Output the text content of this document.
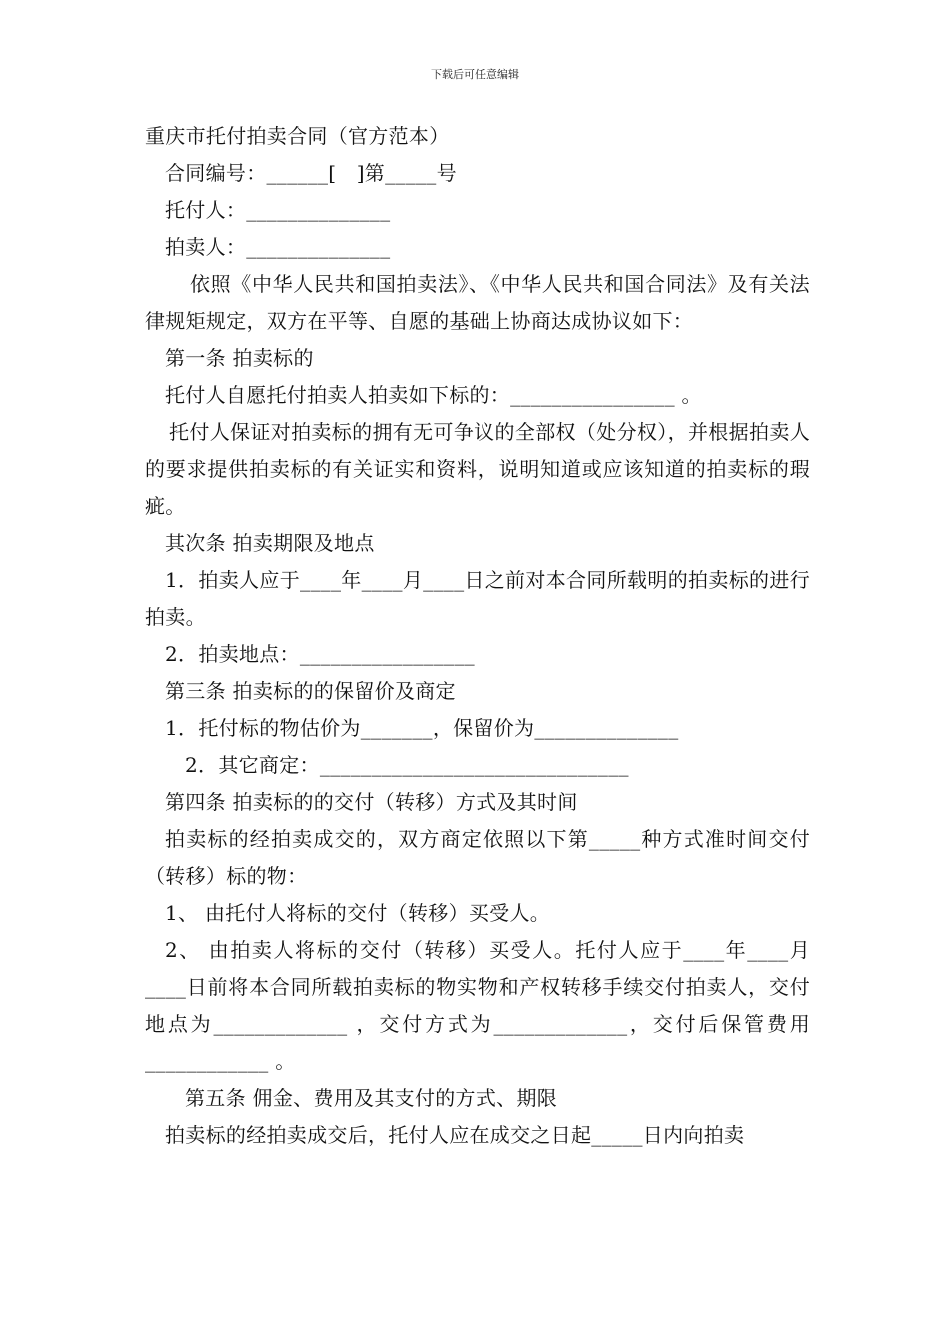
下载后可任意编辑

重庆市托付拍卖合同（官方范本）

合同编号：______[　]第_____号

托付人：______________

拍卖人：______________

依照《中华人民共和国拍卖法》、《中华人民共和国合同法》及有关法律规矩规定，双方在平等、自愿的基础上协商达成协议如下：

第一条 拍卖标的

托付人自愿托付拍卖人拍卖如下标的：________________ 。

托付人保证对拍卖标的拥有无可争议的全部权（处分权），并根据拍卖人的要求提供拍卖标的有关证实和资料，说明知道或应该知道的拍卖标的瑕疵。

其次条 拍卖期限及地点

1．拍卖人应于____年____月____日之前对本合同所载明的拍卖标的进行拍卖。

2．拍卖地点：_________________

第三条 拍卖标的的保留价及商定

1．托付标的物估价为_______，保留价为______________

2．其它商定：______________________________

第四条 拍卖标的的交付（转移）方式及其时间

拍卖标的经拍卖成交的，双方商定依照以下第_____种方式准时间交付（转移）标的物：

1、 由托付人将标的交付（转移）买受人。

2、 由拍卖人将标的交付（转移）买受人。托付人应于____年____月____日前将本合同所载拍卖标的物实物和产权转移手续交付拍卖人，交付地点为_____________ ，交付方式为_____________，交付后保管费用____________ 。

第五条 佣金、费用及其支付的方式、期限

拍卖标的经拍卖成交后，托付人应在成交之日起_____日内向拍卖
